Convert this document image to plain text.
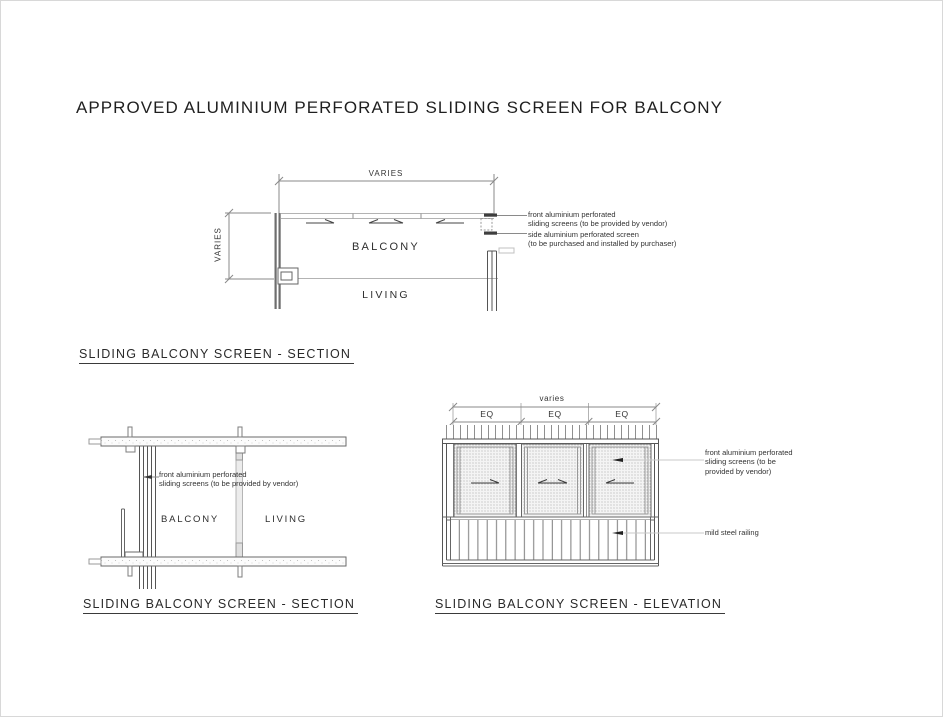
APPROVED ALUMINIUM PERFORATED SLIDING SCREEN FOR BALCONY
VARIES
VARIES	BALCONY
LIVING
front aluminium perforated
sliding screens (to be provided by vendor)
side aluminium perforated screen
(to be purchased and installed by purchaser)
SLIDING BALCONY SCREEN - SECTION
front aluminium perforated
sliding screens (to be provided by vendor)
BALCONY	LIVING
SLIDING BALCONY SCREEN - SECTION
varies
EQ	EQ	EQ
front aluminium perforated
sliding screens (to be
provided by vendor)
mild steel railing
SLIDING BALCONY SCREEN - ELEVATION
